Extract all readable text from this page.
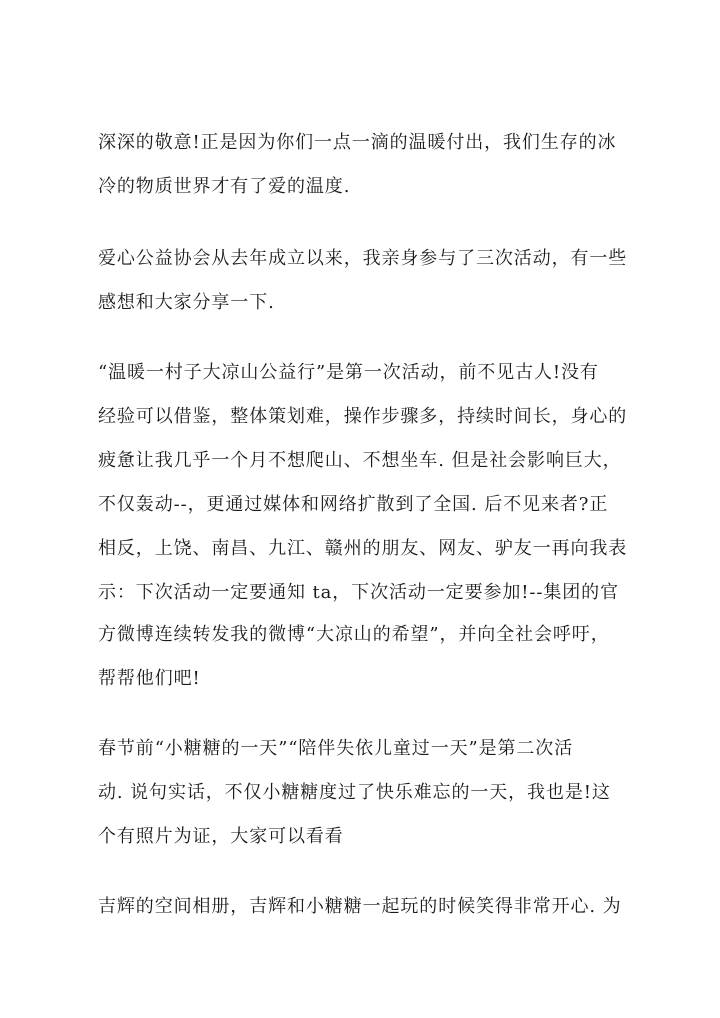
深深的敬意!正是因为你们一点一滴的温暖付出，我们生存的冰
冷的物质世界才有了爱的温度.
爱心公益协会从去年成立以来，我亲身参与了三次活动，有一些
感想和大家分享一下.
“温暖一村子大凉山公益行”是第一次活动，前不见古人!没有
经验可以借鉴，整体策划难，操作步骤多，持续时间长，身心的
疲惫让我几乎一个月不想爬山、不想坐车. 但是社会影响巨大，
不仅轰动--，更通过媒体和网络扩散到了全国. 后不见来者?正
相反，上饶、南昌、九江、赣州的朋友、网友、驴友一再向我表
示：下次活动一定要通知 ta，下次活动一定要参加!--集团的官
方微博连续转发我的微博“大凉山的希望”，并向全社会呼吁，
帮帮他们吧!
春节前“小糖糖的一天”“陪伴失依儿童过一天”是第二次活
动. 说句实话，不仅小糖糖度过了快乐难忘的一天，我也是!这
个有照片为证，大家可以看看
吉辉的空间相册，吉辉和小糖糖一起玩的时候笑得非常开心. 为
